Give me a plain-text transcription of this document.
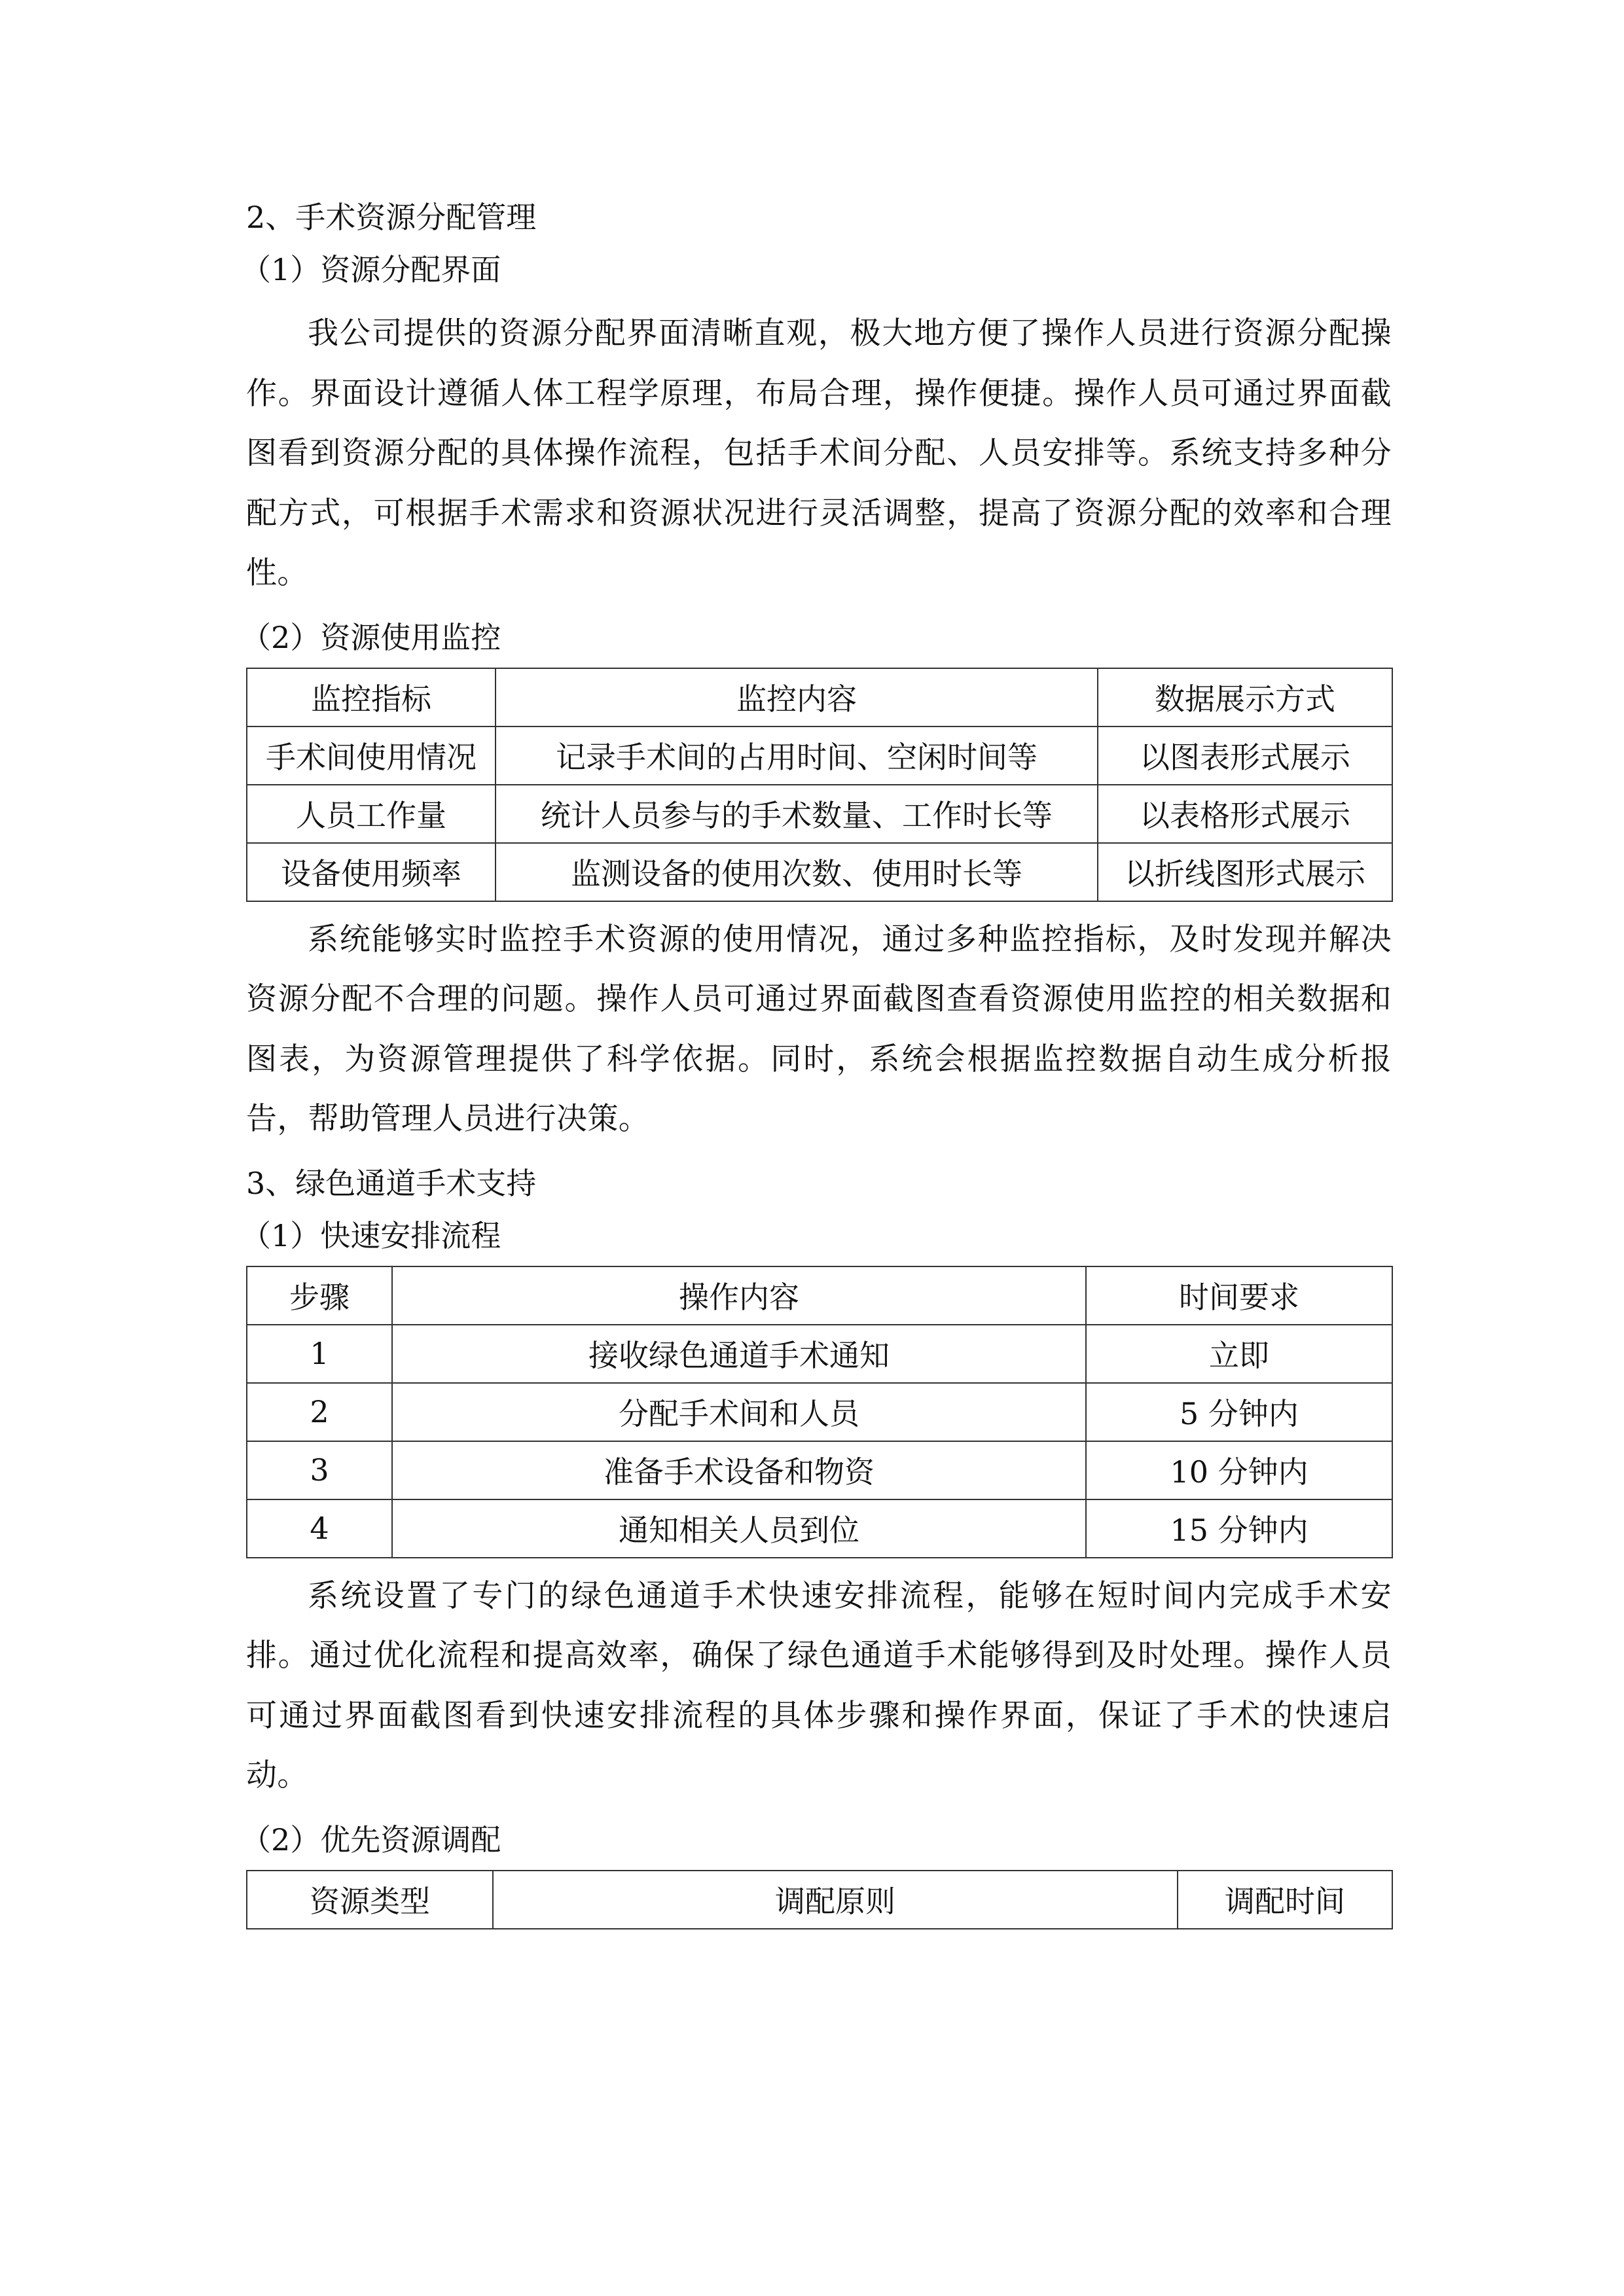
2、手术资源分配管理
（1）资源分配界面

我公司提供的资源分配界面清晰直观，极大地方便了操作人员进行资源分配操作。界面设计遵循人体工程学原理，布局合理，操作便捷。操作人员可通过界面截图看到资源分配的具体操作流程，包括手术间分配、人员安排等。系统支持多种分配方式，可根据手术需求和资源状况进行灵活调整，提高了资源分配的效率和合理性。

（2）资源使用监控
监控指标	监控内容	数据展示方式
手术间使用情况	记录手术间的占用时间、空闲时间等	以图表形式展示
人员工作量	统计人员参与的手术数量、工作时长等	以表格形式展示
设备使用频率	监测设备的使用次数、使用时长等	以折线图形式展示

系统能够实时监控手术资源的使用情况，通过多种监控指标，及时发现并解决资源分配不合理的问题。操作人员可通过界面截图查看资源使用监控的相关数据和图表，为资源管理提供了科学依据。同时，系统会根据监控数据自动生成分析报告，帮助管理人员进行决策。

3、绿色通道手术支持
（1）快速安排流程
步骤	操作内容	时间要求
1	接收绿色通道手术通知	立即
2	分配手术间和人员	5 分钟内
3	准备手术设备和物资	10 分钟内
4	通知相关人员到位	15 分钟内

系统设置了专门的绿色通道手术快速安排流程，能够在短时间内完成手术安排。通过优化流程和提高效率，确保了绿色通道手术能够得到及时处理。操作人员可通过界面截图看到快速安排流程的具体步骤和操作界面，保证了手术的快速启动。

（2）优先资源调配
资源类型	调配原则	调配时间
